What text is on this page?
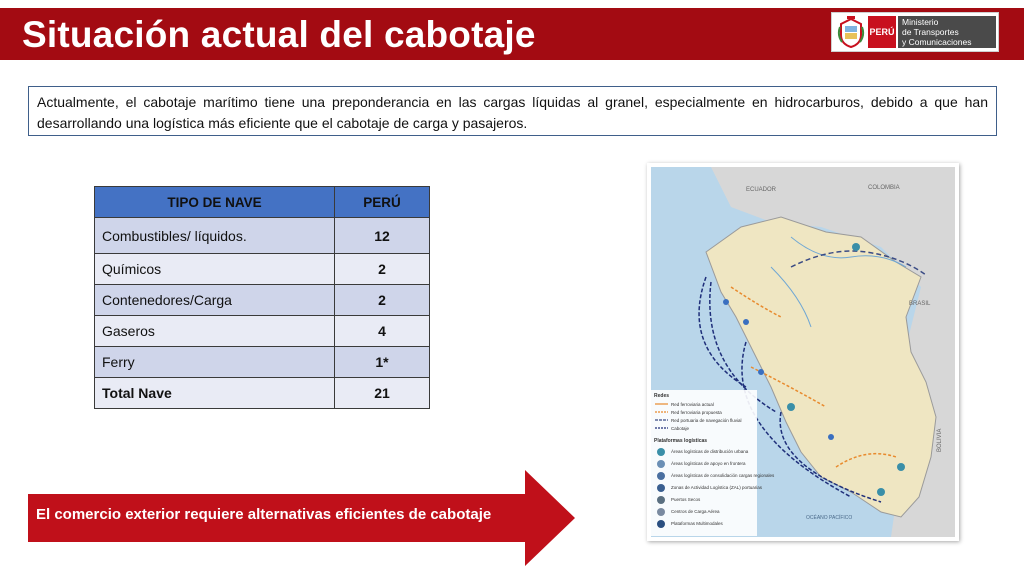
Situación actual del cabotaje	PERÚ
Ministerio
de Transportes
y Comunicaciones
Actualmente, el cabotaje marítimo tiene una preponderancia en las cargas líquidas al granel, especialmente en hidrocarburos, debido a que han desarrollando una logística más eficiente que el cabotaje de carga y pasajeros.
TIPO DE NAVE	PERÚ
Combustibles/ líquidos.	12
Químicos	2
Contenedores/Carga	2
Gaseros	4
Ferry	1*
Total Nave	21
El comercio exterior requiere alternativas eficientes de cabotaje
ECUADOR	COLOMBIA
BRASIL
BOLIVIA
OCÉANO PACÍFICO
Redes
Red ferroviaria actual
Red ferroviaria propuesta
Red portuaria de navegación fluvial
Cabotaje
Plataformas logísticas
Áreas logísticas de distribución urbana
Áreas logísticas de apoyo en frontera
Áreas logísticas de consolidación cargas regionales
Zonas de Actividad Logística (ZAL) portuarias
Puertos Secos
Centros de Carga Aérea
Plataformas Multimodales
